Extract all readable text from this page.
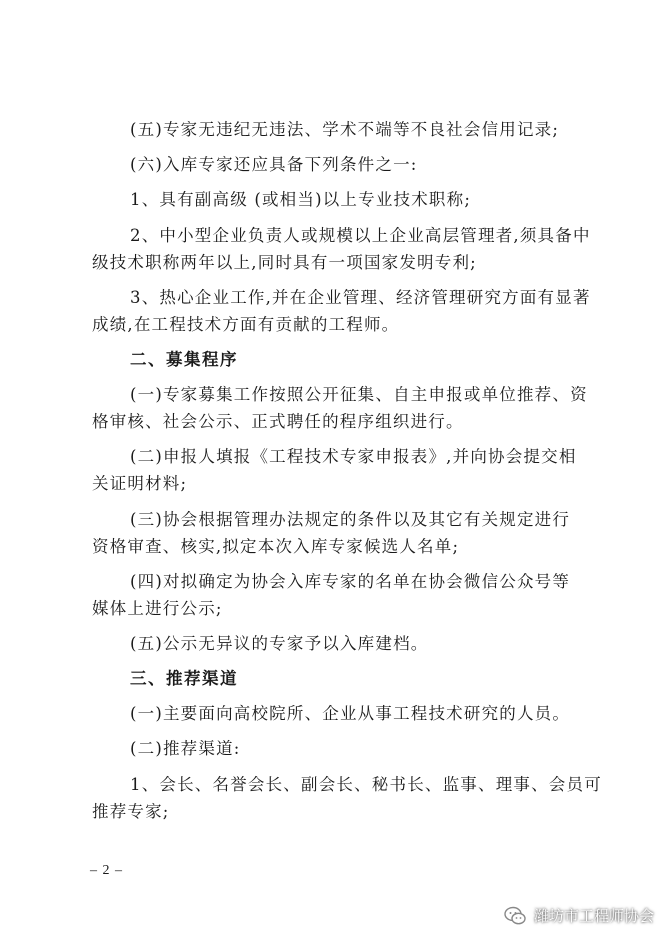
(五)专家无违纪无违法、学术不端等不良社会信用记录;

(六)入库专家还应具备下列条件之一:

1、具有副高级 (或相当)以上专业技术职称;

2、中小型企业负责人或规模以上企业高层管理者,须具备中

级技术职称两年以上,同时具有一项国家发明专利;

3、热心企业工作,并在企业管理、经济管理研究方面有显著

成绩,在工程技术方面有贡献的工程师。

二、募集程序

(一)专家募集工作按照公开征集、自主申报或单位推荐、资

格审核、社会公示、正式聘任的程序组织进行。

(二)申报人填报《工程技术专家申报表》,并向协会提交相

关证明材料;

(三)协会根据管理办法规定的条件以及其它有关规定进行

资格审查、核实,拟定本次入库专家候选人名单;

(四)对拟确定为协会入库专家的名单在协会微信公众号等

媒体上进行公示;

(五)公示无异议的专家予以入库建档。

三、推荐渠道

(一)主要面向高校院所、企业从事工程技术研究的人员。

(二)推荐渠道:

1、会长、名誉会长、副会长、秘书长、监事、理事、会员可

推荐专家;

– 2 –
潍坊市工程师协会
